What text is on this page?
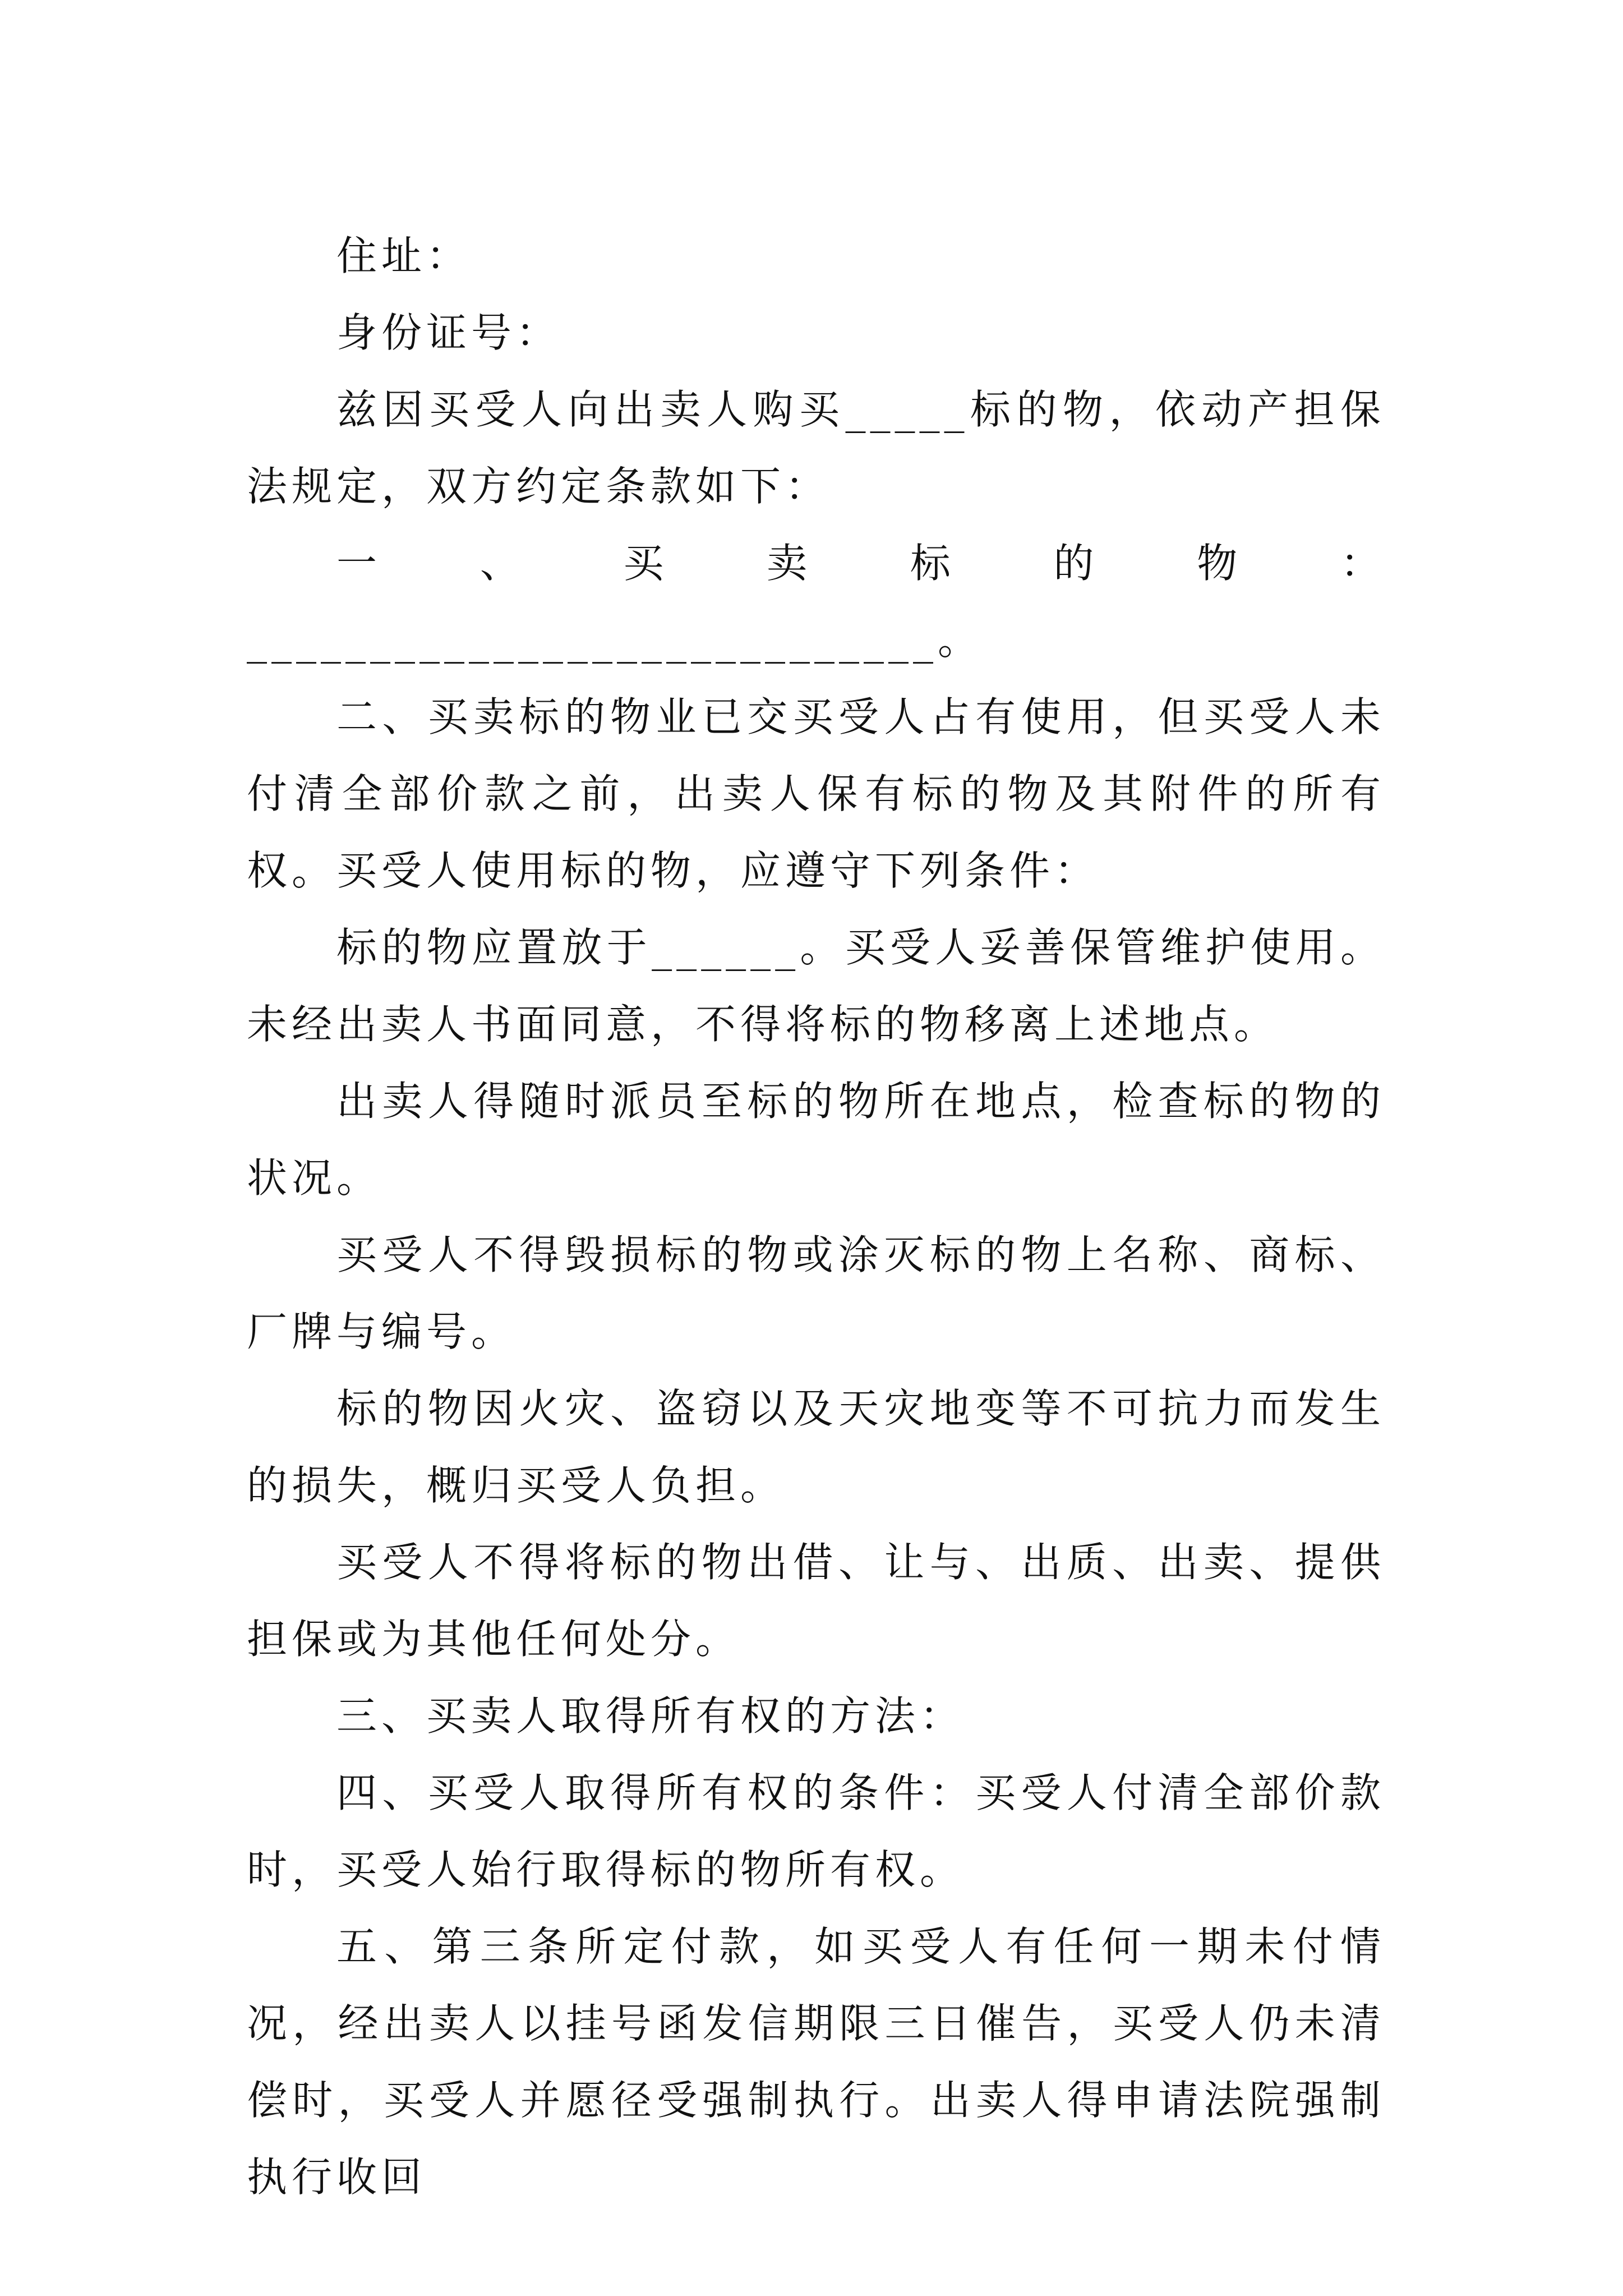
住址：

身份证号：

兹因买受人向出卖人购买_____标的物，依动产担保法规定，双方约定条款如下：

一、买卖标的物：____________________________。

二、买卖标的物业已交买受人占有使用，但买受人未付清全部价款之前，出卖人保有标的物及其附件的所有权。买受人使用标的物，应遵守下列条件：

标的物应置放于______。买受人妥善保管维护使用。未经出卖人书面同意，不得将标的物移离上述地点。

出卖人得随时派员至标的物所在地点，检查标的物的状况。

买受人不得毁损标的物或涂灭标的物上名称、商标、厂牌与编号。

标的物因火灾、盗窃以及天灾地变等不可抗力而发生的损失，概归买受人负担。

买受人不得将标的物出借、让与、出质、出卖、提供担保或为其他任何处分。

三、买卖人取得所有权的方法：

四、买受人取得所有权的条件：买受人付清全部价款时，买受人始行取得标的物所有权。

五、第三条所定付款，如买受人有任何一期未付情况，经出卖人以挂号函发信期限三日催告，买受人仍未清偿时，买受人并愿径受强制执行。出卖人得申请法院强制执行收回
